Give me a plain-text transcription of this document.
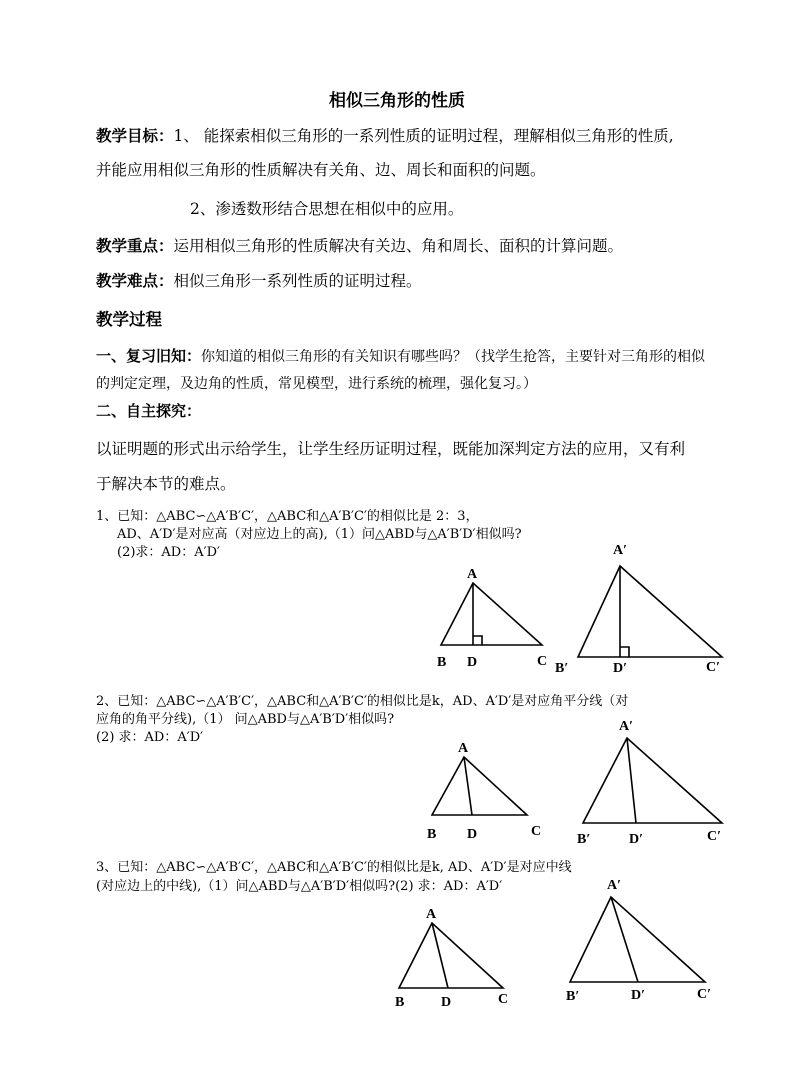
相似三角形的性质
教学目标：1、 能探索相似三角形的一系列性质的证明过程，理解相似三角形的性质,
并能应用相似三角形的性质解决有关角、边、周长和面积的问题。
2、渗透数形结合思想在相似中的应用。
教学重点：运用相似三角形的性质解决有关边、角和周长、面积的计算问题。
教学难点：相似三角形一系列性质的证明过程。
教学过程
一、复习旧知：你知道的相似三角形的有关知识有哪些吗？（找学生抢答，主要针对三角形的相似
的判定定理，及边角的性质，常见模型，进行系统的梳理，强化复习。）
二、自主探究：
以证明题的形式出示给学生，让学生经历证明过程，既能加深判定方法的应用，又有利
于解决本节的难点。
1、已知：△ABC∽△A′B′C′，△ABC和△A′B′C′的相似比是 2：3，
AD、A′D′是对应高（对应边上的高),（1）问△ABD与△A′B′D′相似吗?
(2)求：AD：A′D′
A
B D	C
A′
B′	D′	C′
A
B D	C
A′
B′	D′	C′
A
B	D	C
A′
B′	D′	C′
2、已知：△ABC∽△A′B′C′，△ABC和△A′B′C′的相似比是k，AD、A′D′是对应角平分线（对
应角的角平分线),（1） 问△ABD与△A′B′D′相似吗?
(2) 求：AD：A′D′
3、已知：△ABC∽△A′B′C′，△ABC和△A′B′C′的相似比是k, AD、A′D′是对应中线
(对应边上的中线),（1）问△ABD与△A′B′D′相似吗?(2) 求：AD：A′D′
